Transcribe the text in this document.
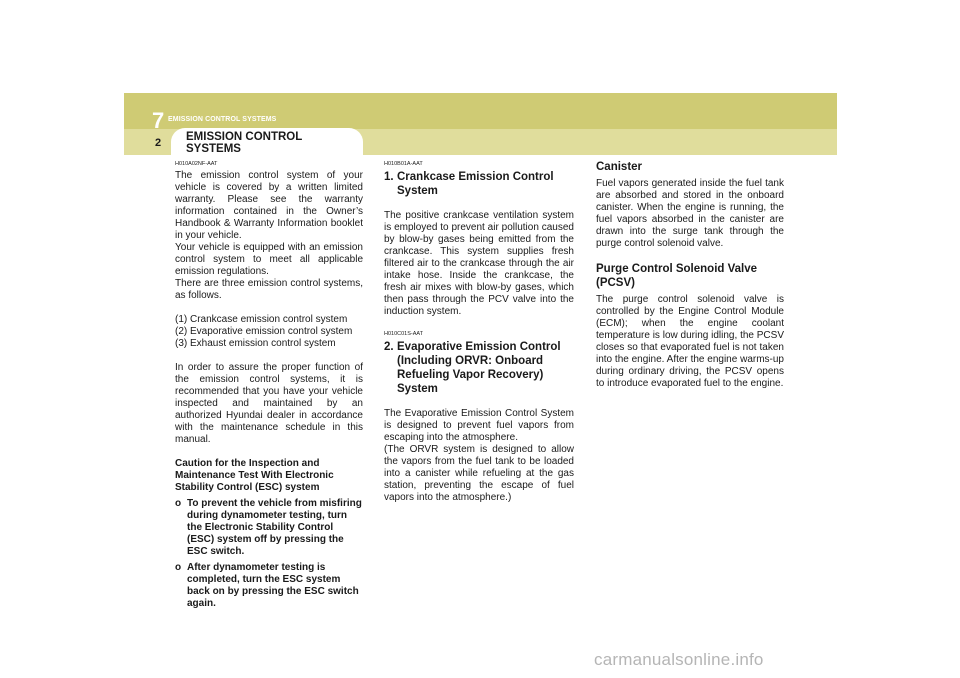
7 EMISSION CONTROL SYSTEMS
2 EMISSION CONTROL
SYSTEMS
H010A02NF-AAT

The emission control system of your vehicle is covered by a written limited warranty. Please see the warranty information contained in the Owner’s Handbook & Warranty Information booklet in your vehicle.

Your vehicle is equipped with an emission control system to meet all applicable emission regulations.

There are three emission control systems, as follows.

(1) Crankcase emission control system
(2) Evaporative emission control system
(3) Exhaust emission control system

In order to assure the proper function of the emission control systems, it is recommended that you have your vehicle inspected and maintained by an authorized Hyundai dealer in accordance with the maintenance schedule in this manual.

Caution for the Inspection and Maintenance Test With Electronic Stability Control (ESC) system

o To prevent the vehicle from misfiring during dynamometer testing, turn the Electronic Stability Control (ESC) system off by pressing the ESC switch.
o After dynamometer testing is completed, turn the ESC system back on by pressing the ESC switch again.
H010B01A-AAT
1. Crankcase Emission Control System

The positive crankcase ventilation system is employed to prevent air pollution caused by blow-by gases being emitted from the crankcase. This system supplies fresh filtered air to the crankcase through the air intake hose. Inside the crankcase, the fresh air mixes with blow-by gases, which then pass through the PCV valve into the induction system.

H010C01S-AAT
2. Evaporative Emission Control (Including ORVR: Onboard Refueling Vapor Recovery) System

The Evaporative Emission Control System is designed to prevent fuel vapors from escaping into the atmosphere.

(The ORVR system is designed to allow the vapors from the fuel tank to be loaded into a canister while refueling at the gas station, preventing the escape of fuel vapors into the atmosphere.)

Canister

Fuel vapors generated inside the fuel tank are absorbed and stored in the onboard canister. When the engine is running, the fuel vapors absorbed in the canister are drawn into the surge tank through the purge control solenoid valve.

Purge Control Solenoid Valve (PCSV)

The purge control solenoid valve is controlled by the Engine Control Module (ECM); when the engine coolant temperature is low during idling, the PCSV closes so that evaporated fuel is not taken into the engine. After the engine warms-up during ordinary driving, the PCSV opens to introduce evaporated fuel to the engine.

carmanualsonline.info
